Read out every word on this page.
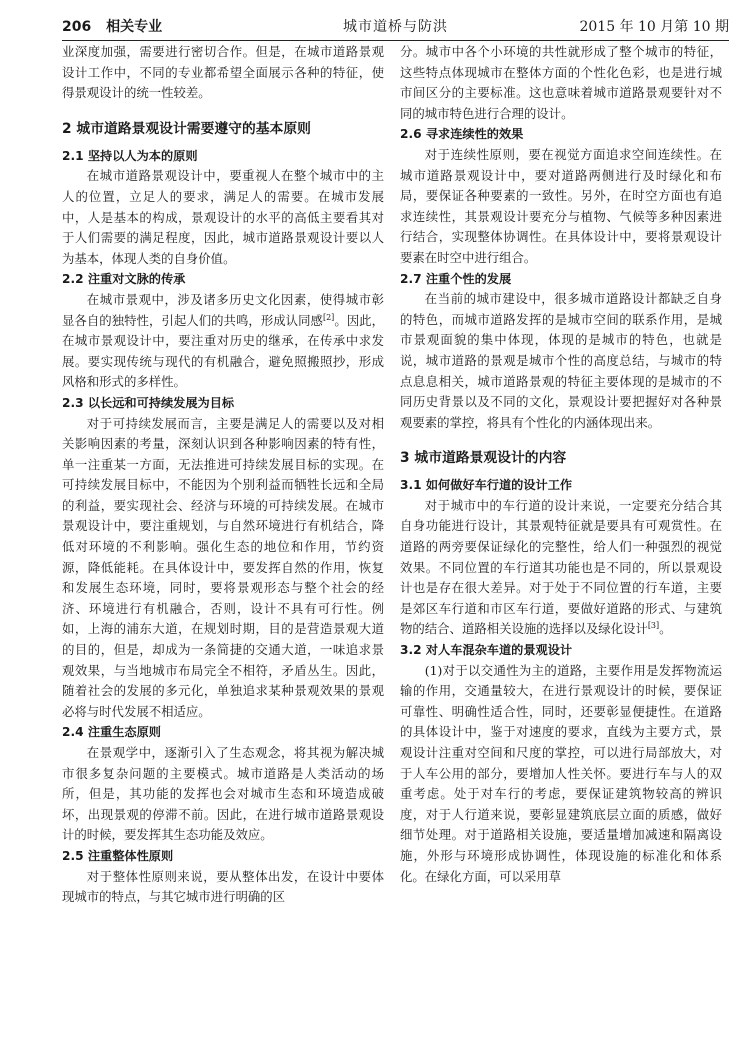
206 相关专业	城市道桥与防洪	2015 年 10 月第 10 期

业深度加强，需要进行密切合作。但是，在城市道路景观设计工作中，不同的专业都希望全面展示各种的特征，使得景观设计的统一性较差。

2 城市道路景观设计需要遵守的基本原则
2.1 坚持以人为本的原则

在城市道路景观设计中，要重视人在整个城市中的主人的位置，立足人的要求，满足人的需要。在城市发展中，人是基本的构成，景观设计的水平的高低主要看其对于人们需要的满足程度，因此，城市道路景观设计要以人为基本，体现人类的自身价值。

2.2 注重对文脉的传承

在城市景观中，涉及诸多历史文化因素，使得城市彰显各自的独特性，引起人们的共鸣，形成认同感[2]。因此，在城市景观设计中，要注重对历史的继承，在传承中求发展。要实现传统与现代的有机融合，避免照搬照抄，形成风格和形式的多样性。

2.3 以长远和可持续发展为目标

对于可持续发展而言，主要是满足人的需要以及对相关影响因素的考量，深刻认识到各种影响因素的特有性，单一注重某一方面，无法推进可持续发展目标的实现。在可持续发展目标中，不能因为个别利益而牺牲长远和全局的利益，要实现社会、经济与环境的可持续发展。在城市景观设计中，要注重规划，与自然环境进行有机结合，降低对环境的不利影响。强化生态的地位和作用，节约资源，降低能耗。在具体设计中，要发挥自然的作用，恢复和发展生态环境，同时，要将景观形态与整个社会的经济、环境进行有机融合，否则，设计不具有可行性。例如，上海的浦东大道，在规划时期，目的是营造景观大道的目的，但是，却成为一条简捷的交通大道，一味追求景观效果，与当地城市布局完全不相符，矛盾丛生。因此，随着社会的发展的多元化，单独追求某种景观效果的景观必将与时代发展不相适应。

2.4 注重生态原则

在景观学中，逐渐引入了生态观念，将其视为解决城市很多复杂问题的主要模式。城市道路是人类活动的场所，但是，其功能的发挥也会对城市生态和环境造成破坏，出现景观的停滞不前。因此，在进行城市道路景观设计的时候，要发挥其生态功能及效应。

2.5 注重整体性原则

对于整体性原则来说，要从整体出发，在设计中要体现城市的特点，与其它城市进行明确的区

分。城市中各个小环境的共性就形成了整个城市的特征，这些特点体现城市在整体方面的个性化色彩，也是进行城市间区分的主要标准。这也意味着城市道路景观要针对不同的城市特色进行合理的设计。

2.6 寻求连续性的效果

对于连续性原则，要在视觉方面追求空间连续性。在城市道路景观设计中，要对道路两侧进行及时绿化和布局，要保证各种要素的一致性。另外，在时空方面也有追求连续性，其景观设计要充分与植物、气候等多种因素进行结合，实现整体协调性。在具体设计中，要将景观设计要素在时空中进行组合。

2.7 注重个性的发展

在当前的城市建设中，很多城市道路设计都缺乏自身的特色，而城市道路发挥的是城市空间的联系作用，是城市景观面貌的集中体现，体现的是城市的特色，也就是说，城市道路的景观是城市个性的高度总结，与城市的特点息息相关，城市道路景观的特征主要体现的是城市的不同历史背景以及不同的文化，景观设计要把握好对各种景观要素的掌控，将具有个性化的内涵体现出来。

3 城市道路景观设计的内容
3.1 如何做好车行道的设计工作

对于城市中的车行道的设计来说，一定要充分结合其自身功能进行设计，其景观特征就是要具有可观赏性。在道路的两旁要保证绿化的完整性，给人们一种强烈的视觉效果。不同位置的车行道其功能也是不同的，所以景观设计也是存在很大差异。对于处于不同位置的行车道，主要是郊区车行道和市区车行道，要做好道路的形式、与建筑物的结合、道路相关设施的选择以及绿化设计[3]。

3.2 对人车混杂车道的景观设计

(1)对于以交通性为主的道路，主要作用是发挥物流运输的作用，交通量较大，在进行景观设计的时候，要保证可靠性、明确性适合性，同时，还要彰显便捷性。在道路的具体设计中，鉴于对速度的要求，直线为主要方式，景观设计注重对空间和尺度的掌控，可以进行局部放大，对于人车公用的部分，要增加人性关怀。要进行车与人的双重考虑。处于对车行的考虑，要保证建筑物较高的辨识度，对于人行道来说，要彰显建筑底层立面的质感，做好细节处理。对于道路相关设施，要适量增加减速和隔离设施，外形与环境形成协调性，体现设施的标准化和体系化。在绿化方面，可以采用草
